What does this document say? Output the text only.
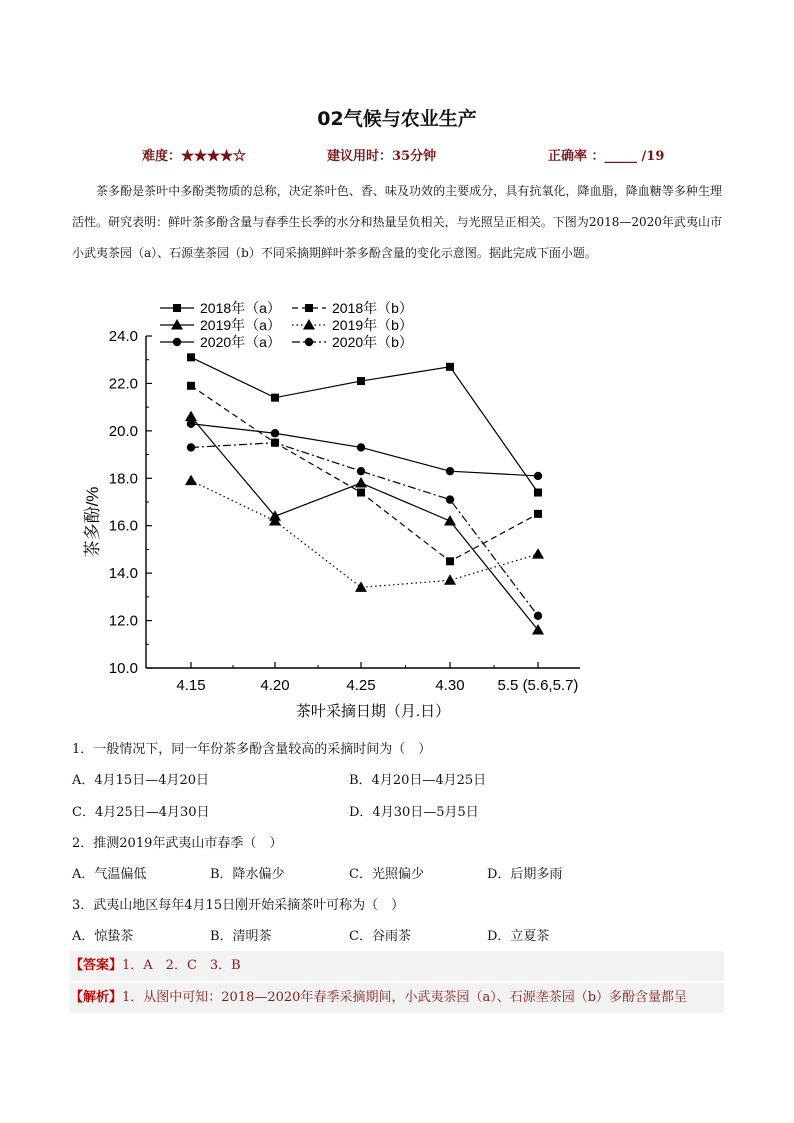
02气候与农业生产
难度：★★★★☆	建议用时：35分钟	正确率 ：_____ /19
茶多酚是茶叶中多酚类物质的总称，决定茶叶色、香、味及功效的主要成分，具有抗氧化，降血脂，降血糖等多种生理活性。研究表明：鲜叶茶多酚含量与春季生长季的水分和热量呈负相关，与光照呈正相关。下图为2018—2020年武夷山市小武夷茶园（a）、石源垄茶园（b）不同采摘期鲜叶茶多酚含量的变化示意图。据此完成下面小题。
10.0
12.0
14.0
16.0
18.0
20.0
22.0
24.0
4.15	4.20	4.25	4.30 5.5 (5.6,5.7)
茶叶采摘日期（月.日）
茶多酚/%
2018年（a）	2018年（b）
2019年（a）	2019年（b）
2020年（a）	2020年（b）
1．一般情况下，同一年份茶多酚含量较高的采摘时间为（　）
A．4月15日—4月20日	B．4月20日—4月25日
C．4月25日—4月30日	D．4月30日—5月5日
2．推测2019年武夷山市春季（　）
A．气温偏低	B．降水偏少	C．光照偏少	D．后期多雨
3．武夷山地区每年4月15日刚开始采摘茶叶可称为（　）
A．惊蛰茶	B．清明茶	C．谷雨茶	D．立夏茶
【答案】1．A　2．C　3．B
【解析】1．从图中可知：2018—2020年春季采摘期间，小武夷茶园（a）、石源垄茶园（b）多酚含量都呈
